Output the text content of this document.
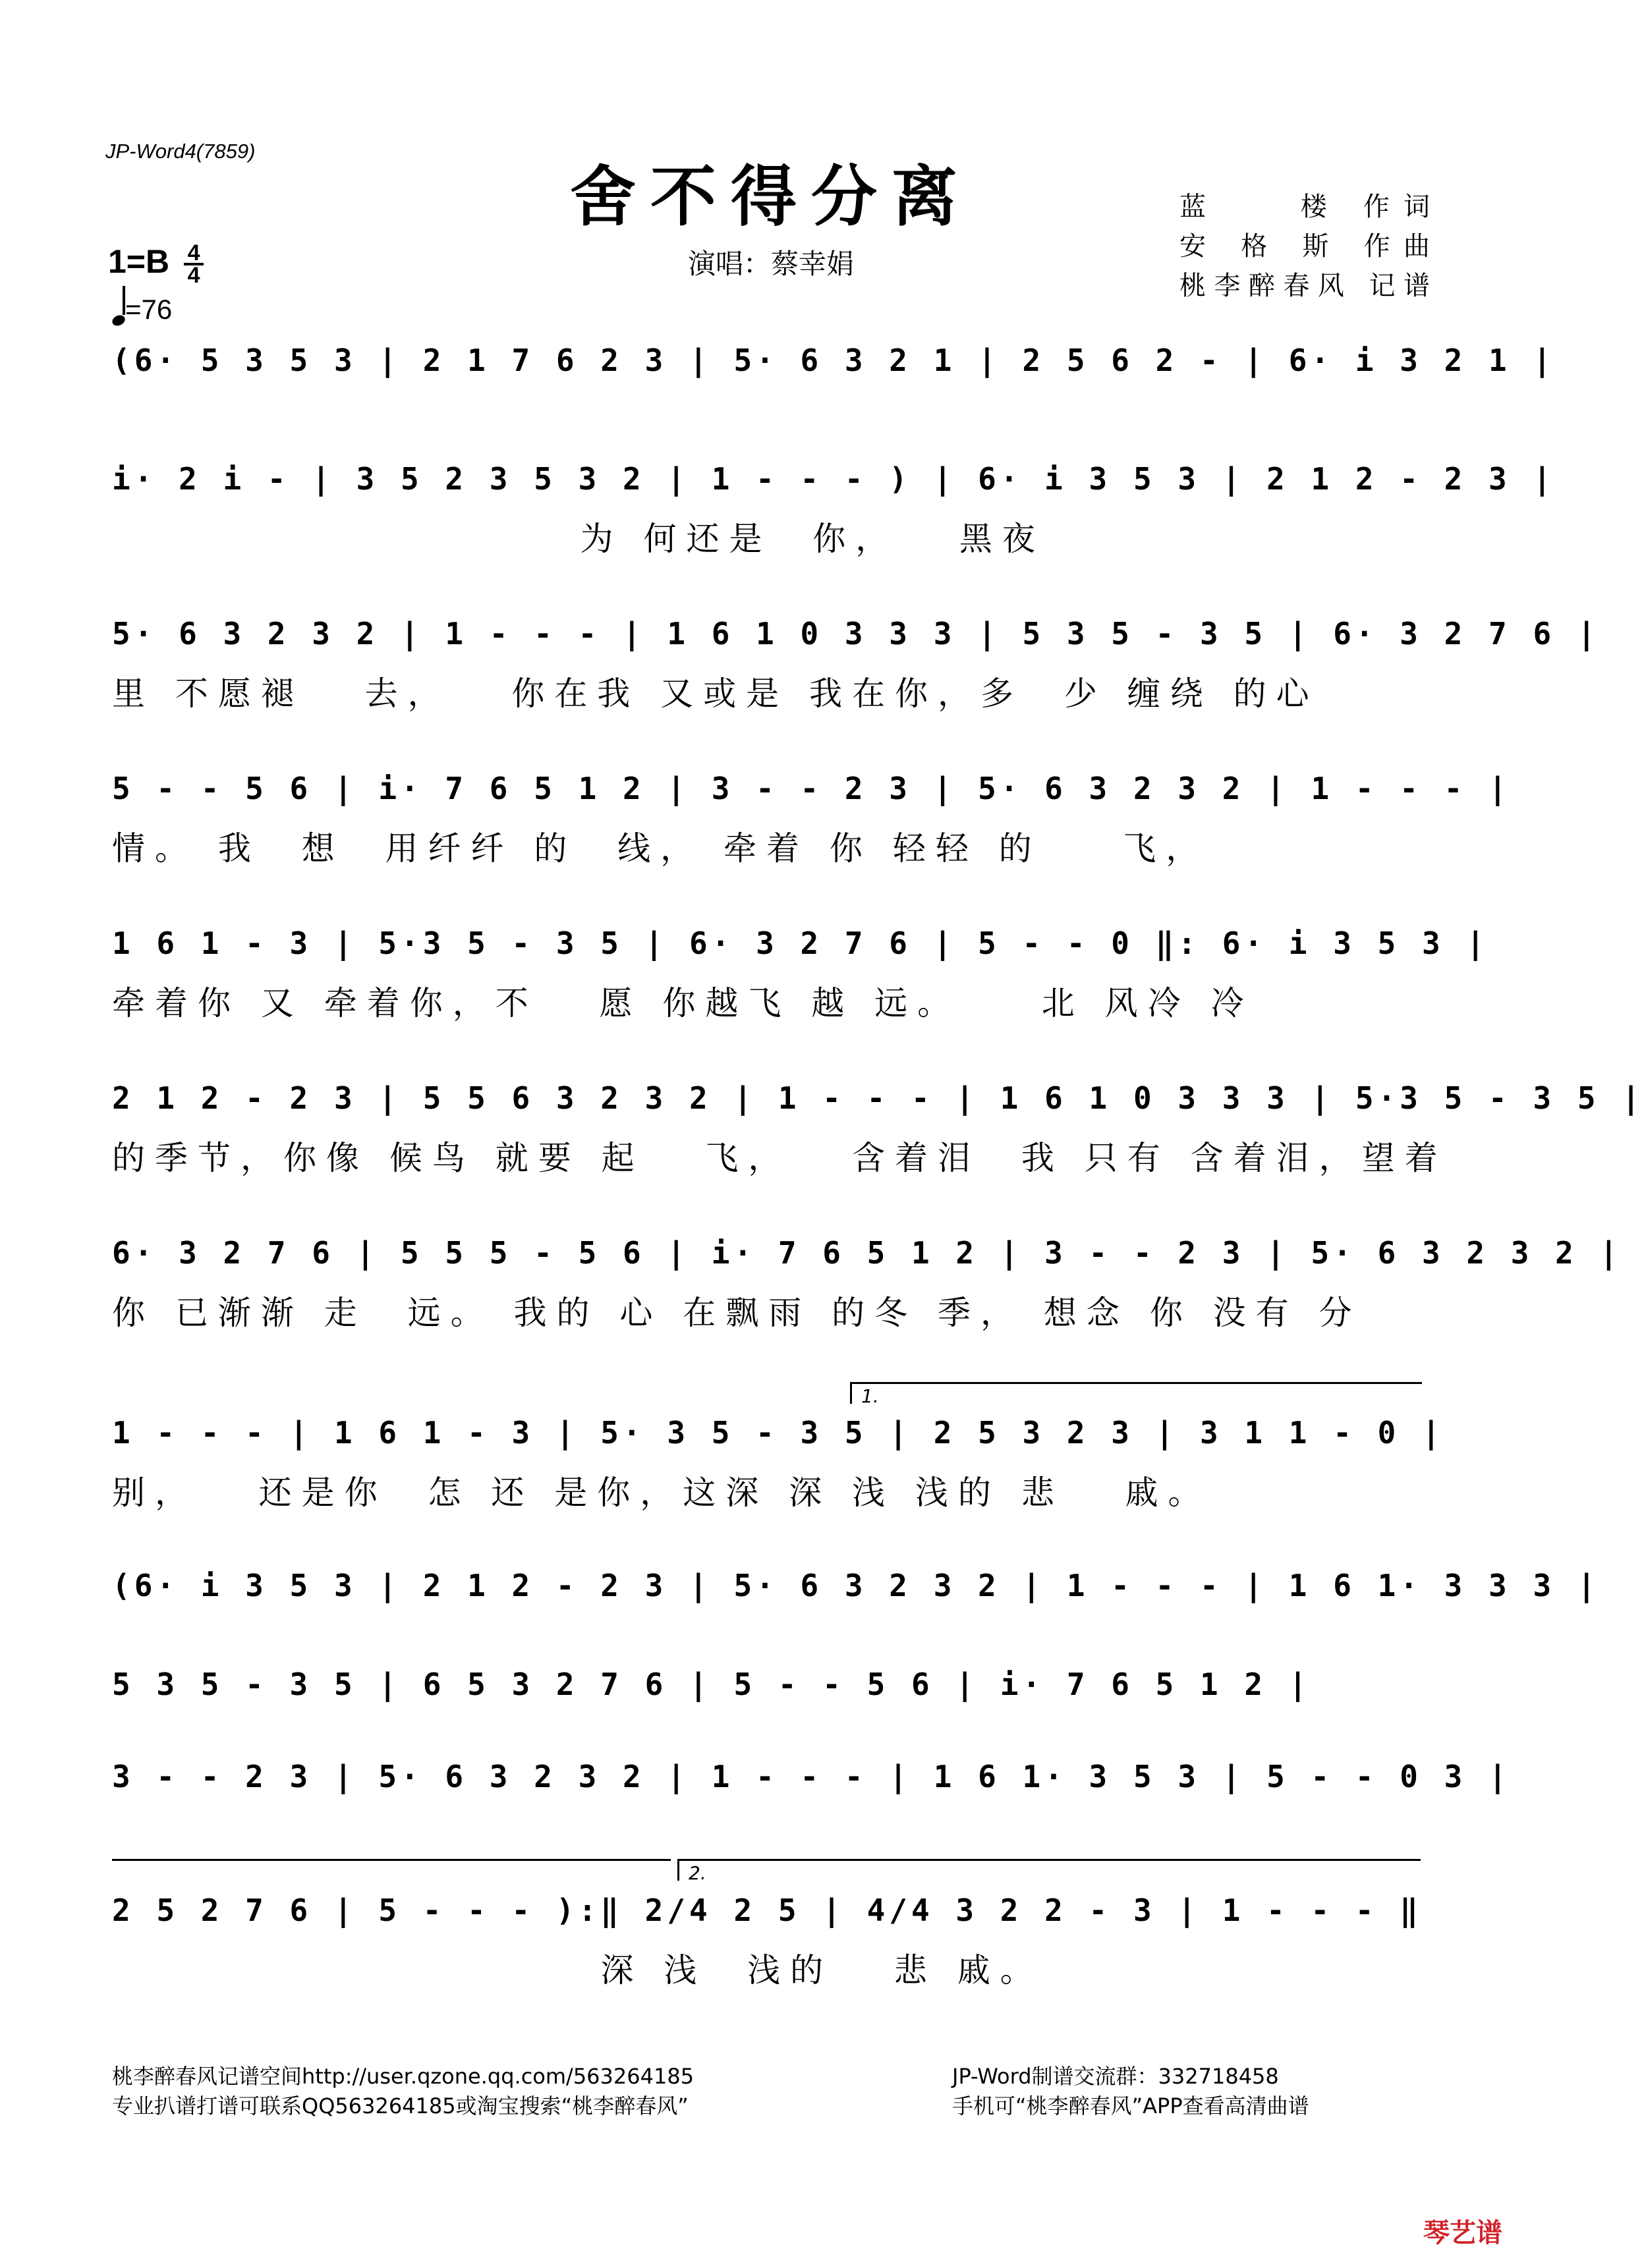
JP-Word4(7859)
舍不得分离	蓝　　楼 作词
安 格 斯 作曲
桃李醉春风 记谱
$1=B \frac{4}{4}$
=76
演唱：蔡幸娟
(6· 5 3 5 3 | 2 1 7 6 2 3 | 5· 6 3 2 1 | 2 5 6 2 - | 6· i 3 2 1 |
i· 2 i - | 3 5 2 3 5 3 2 | 1 - - - ) | 6· i 3 5 3 | 2 1 2 - 2 3 |
为 何还是  你，   黑夜
5· 6 3 2 3 2 | 1 - - - | 1 6 1 0 3 3 3 | 5 3 5 - 3 5 | 6· 3 2 7 6 |
里 不愿褪   去，   你在我 又或是 我在你，多  少 缠绕 的心
5 - - 5 6 | i· 7 6 5 1 2 | 3 - - 2 3 | 5· 6 3 2 3 2 | 1 - - - |
情。 我  想  用纤纤 的  线， 牵着 你 轻轻 的    飞，
1 6 1 - 3 | 5·3 5 - 3 5 | 6· 3 2 7 6 | 5 - - 0 ‖: 6· i 3 5 3 |
牵着你 又 牵着你，不   愿 你越飞 越 远。    北 风冷 冷
2 1 2 - 2 3 | 5 5 6 3 2 3 2 | 1 - - - | 1 6 1 0 3 3 3 | 5·3 5 - 3 5 |
的季节，你像 候鸟 就要 起   飞，   含着泪  我 只有 含着泪，望着
6· 3 2 7 6 | 5 5 5 - 5 6 | i· 7 6 5 1 2 | 3 - - 2 3 | 5· 6 3 2 3 2 |
你 已渐渐 走  远。 我的 心 在飘雨 的冬 季， 想念 你 没有 分
1 - - - | 1 6 1 - 3 | 5· 3 5 - 3 5 | 2 5 3 2 3 | 3 1 1 - 0 |
别，   还是你  怎 还 是你，这深 深 浅 浅的 悲   戚。
(6· i 3 5 3 | 2 1 2 - 2 3 | 5· 6 3 2 3 2 | 1 - - - | 1 6 1· 3 3 3 |
5 3 5 - 3 5 | 6 5 3 2 7 6 | 5 - - 5 6 | i· 7 6 5 1 2 |
3 - - 2 3 | 5· 6 3 2 3 2 | 1 - - - | 1 6 1· 3 5 3 | 5 - - 0 3 |
2 5 2 7 6 | 5 - - - ):‖ 2/4 2 5 | 4/4 3 2 2 - 3 | 1 - - - ‖
深 浅  浅的   悲 戚。
1.
2.
桃李醉春风记谱空间http://user.qzone.qq.com/563264185
专业扒谱打谱可联系QQ563264185或淘宝搜索“桃李醉春风”
JP-Word制谱交流群：332718458
手机可“桃李醉春风”APP查看高清曲谱
琴艺谱
